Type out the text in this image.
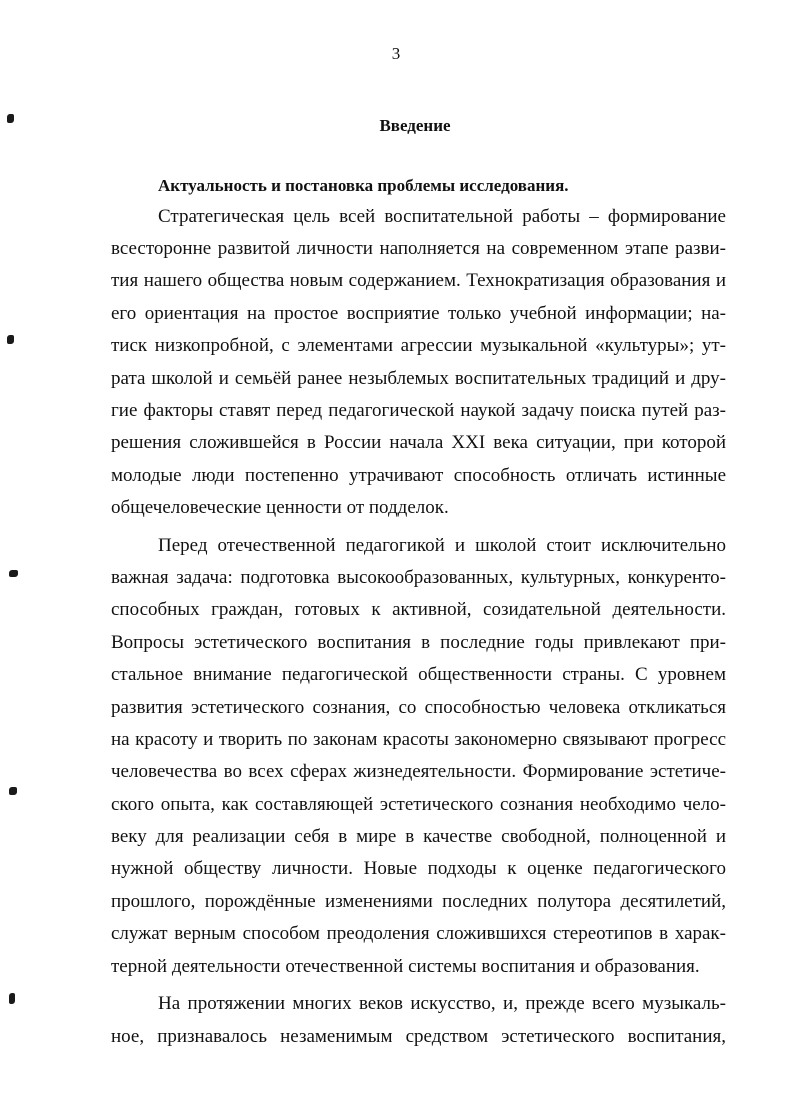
3
Введение
Актуальность и постановка проблемы исследования.
Стратегическая цель всей воспитательной работы – формирование
всесторонне развитой личности наполняется на современном этапе разви-
тия нашего общества новым содержанием. Технократизация образования и
его ориентация на простое восприятие только учебной информации; на-
тиск низкопробной, с элементами агрессии музыкальной «культуры»; ут-
рата школой и семьёй ранее незыблемых воспитательных традиций и дру-
гие факторы ставят перед педагогической наукой задачу поиска путей раз-
решения сложившейся в России начала XXI века ситуации, при которой
молодые люди постепенно утрачивают способность отличать истинные
общечеловеческие ценности от подделок.
Перед отечественной педагогикой и школой стоит исключительно
важная задача: подготовка высокообразованных, культурных, конкуренто-
способных граждан, готовых к активной, созидательной деятельности.
Вопросы эстетического воспитания в последние годы привлекают при-
стальное внимание педагогической общественности страны. С уровнем
развития эстетического сознания, со способностью человека откликаться
на красоту и творить по законам красоты закономерно связывают прогресс
человечества во всех сферах жизнедеятельности. Формирование эстетиче-
ского опыта, как составляющей эстетического сознания необходимо чело-
веку для реализации себя в мире в качестве свободной, полноценной и
нужной обществу личности. Новые подходы к оценке педагогического
прошлого, порождённые изменениями последних полутора десятилетий,
служат верным способом преодоления сложившихся стереотипов в харак-
терной деятельности отечественной системы воспитания и образования.
На протяжении многих веков искусство, и, прежде всего музыкаль-
ное, признавалось незаменимым средством эстетического воспитания,
